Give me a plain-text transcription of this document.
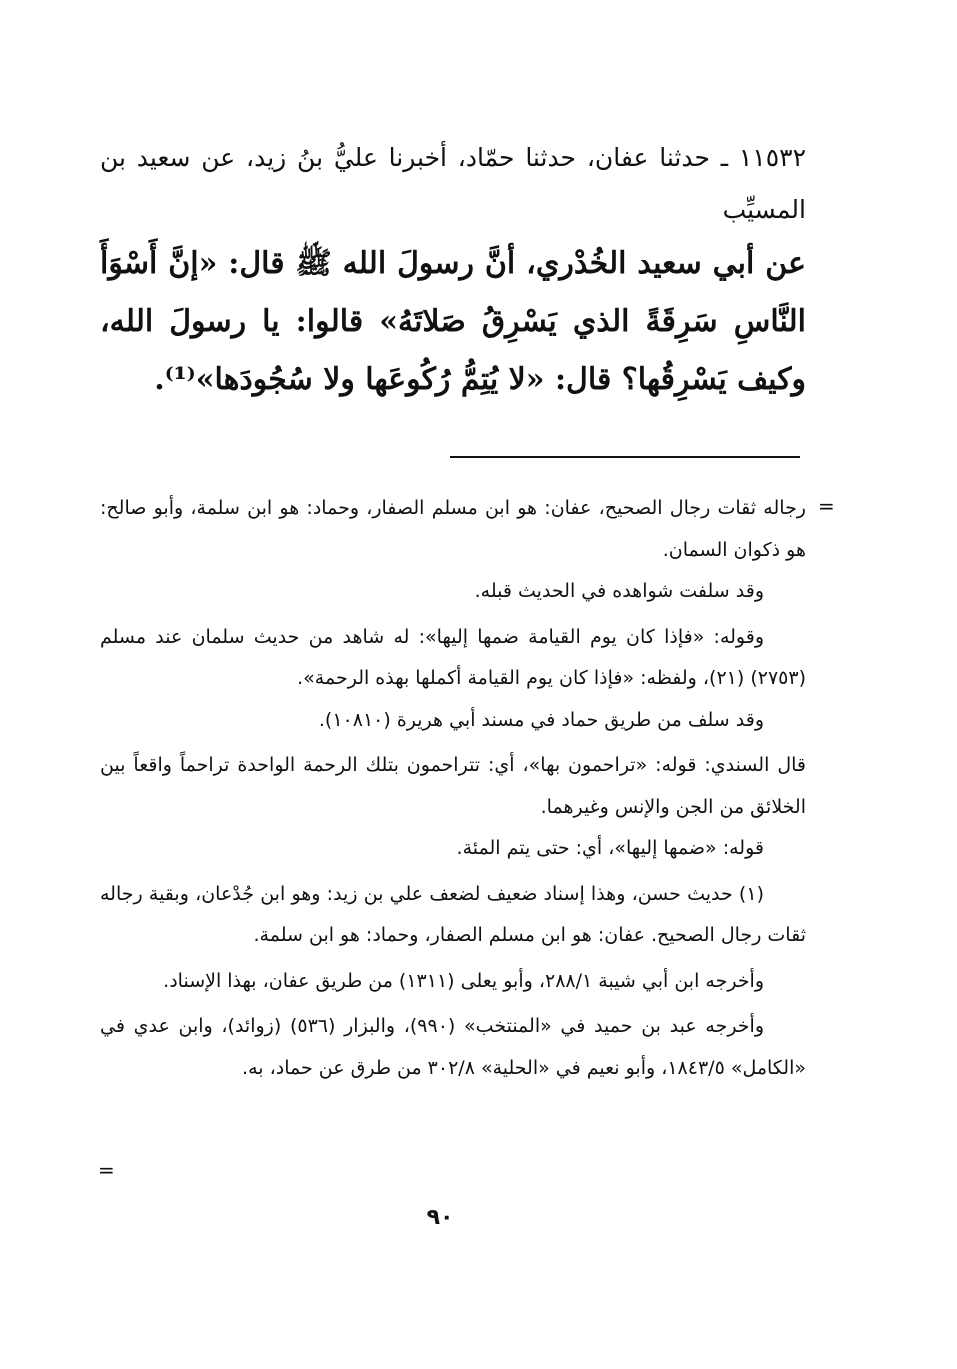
١١٥٣٢ ـ حدثنا عفان، حدثنا حمّاد، أخبرنا عليُّ بنُ زيد، عن سعيد بن المسيِّب
عن أبي سعيد الخُدْري، أنَّ رسولَ الله ﷺ قال: «إنَّ أَسْوَأَ النَّاسِ سَرِقَةً الذي يَسْرِقُ صَلاتَهُ» قالوا: يا رسولَ الله، وكيف يَسْرِقُها؟ قال: «لا يُتِمُّ رُكُوعَها ولا سُجُودَها»⁽¹⁾.
=

رجاله ثقات رجال الصحيح، عفان: هو ابن مسلم الصفار، وحماد: هو ابن سلمة، وأبو صالح: هو ذكوان السمان.

وقد سلفت شواهده في الحديث قبله.

وقوله: «فإذا كان يوم القيامة ضمها إليها»: له شاهد من حديث سلمان عند مسلم (٢٧٥٣) (٢١)، ولفظه: «فإذا كان يوم القيامة أكملها بهذه الرحمة».

وقد سلف من طريق حماد في مسند أبي هريرة (١٠٨١٠).

قال السندي: قوله: «تراحمون بها»، أي: تتراحمون بتلك الرحمة الواحدة تراحماً واقعاً بين الخلائق من الجن والإنس وغيرهما.

قوله: «ضمها إليها»، أي: حتى يتم المئة.

(١) حديث حسن، وهذا إسناد ضعيف لضعف علي بن زيد: وهو ابن جُدْعان، وبقية رجاله ثقات رجال الصحيح. عفان: هو ابن مسلم الصفار، وحماد: هو ابن سلمة.

وأخرجه ابن أبي شيبة ٢٨٨/١، وأبو يعلى (١٣١١) من طريق عفان، بهذا الإسناد.

وأخرجه عبد بن حميد في «المنتخب» (٩٩٠)، والبزار (٥٣٦) (زوائد)، وابن عدي في «الكامل» ١٨٤٣/٥، وأبو نعيم في «الحلية» ٣٠٢/٨ من طرق عن حماد، به.

=
٩٠
